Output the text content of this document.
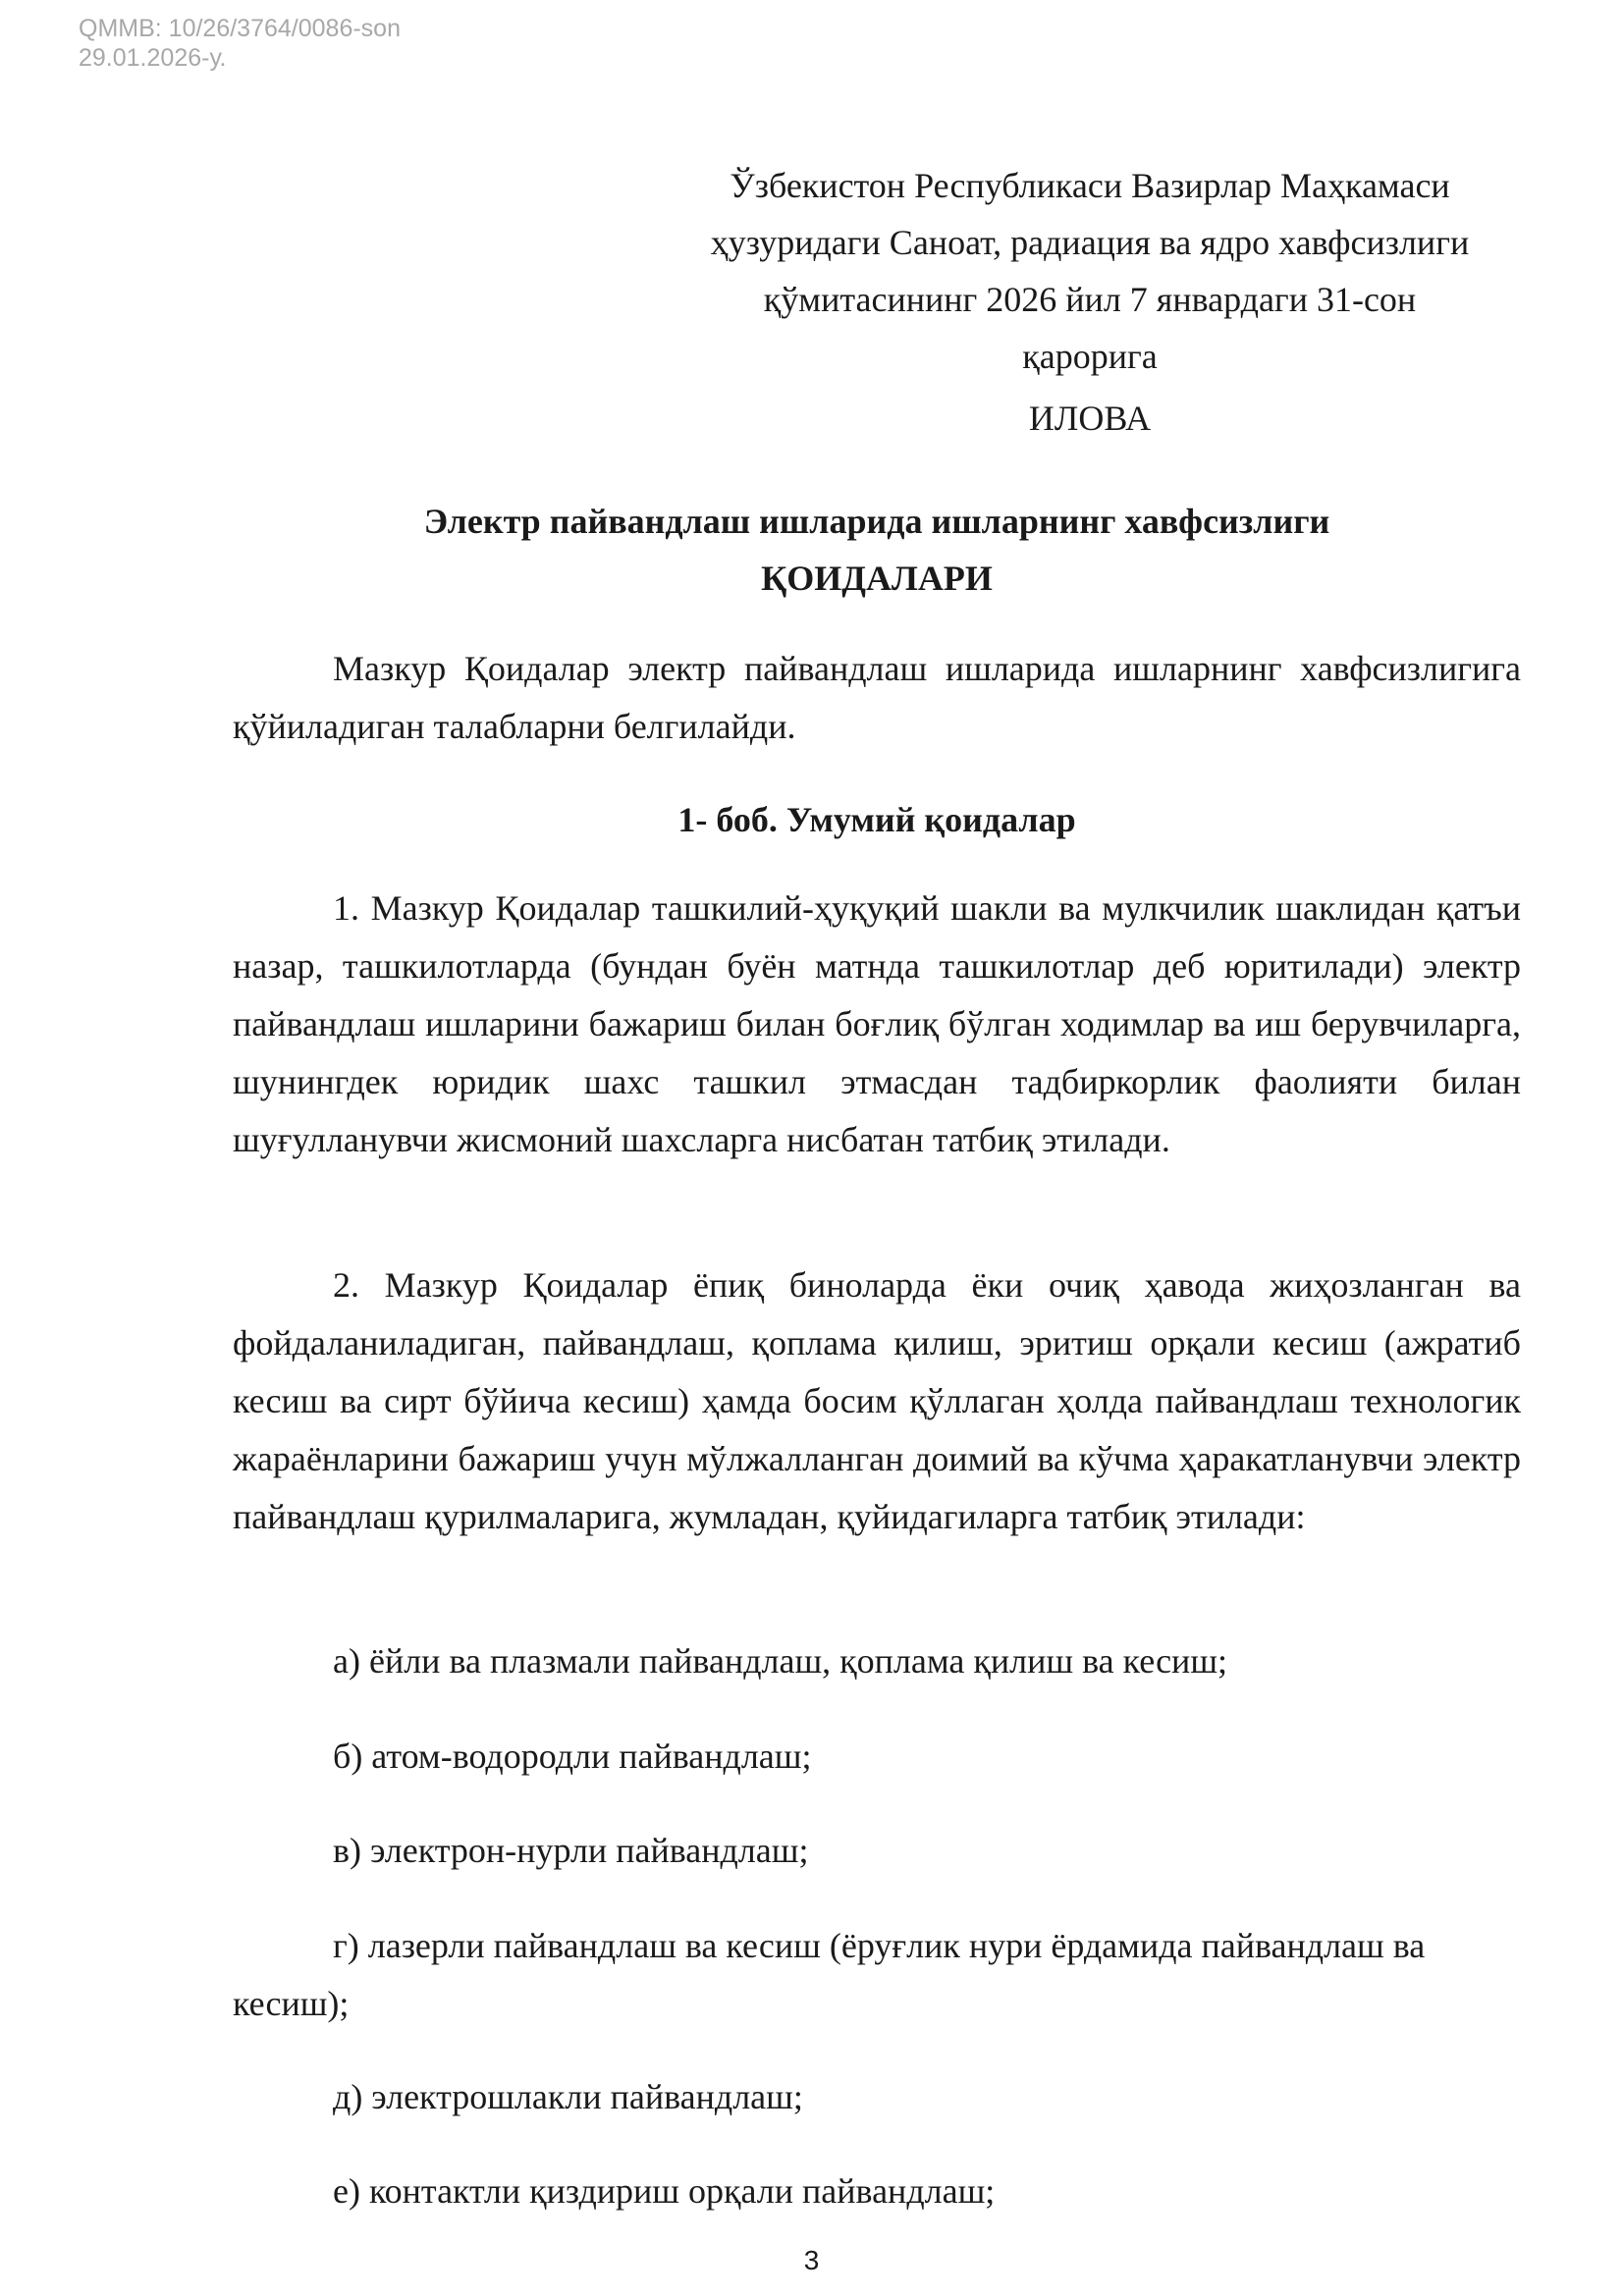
QMMB: 10/26/3764/0086-son
29.01.2026-у.
Ўзбекистон Республикаси Вазирлар Маҳкамаси
ҳузуридаги Саноат, радиация ва ядро хавфсизлиги
қўмитасининг 2026 йил 7 январдаги 31-сон
қарорига
ИЛОВА
Электр пайвандлаш ишларида ишларнинг хавфсизлиги
ҚОИДАЛАРИ

Мазкур Қоидалар электр пайвандлаш ишларида ишларнинг хавфсизлигига қўйиладиган талабларни белгилайди.

1- боб. Умумий қоидалар

1. Мазкур Қоидалар ташкилий-ҳуқуқий шакли ва мулкчилик шаклидан қатъи назар, ташкилотларда (бундан буён матнда ташкилотлар деб юритилади) электр пайвандлаш ишларини бажариш билан боғлиқ бўлган ходимлар ва иш берувчиларга, шунингдек юридик шахс ташкил этмасдан тадбиркорлик фаолияти билан шуғулланувчи жисмоний шахсларга нисбатан татбиқ этилади.

2. Мазкур Қоидалар ёпиқ биноларда ёки очиқ ҳавода жиҳозланган ва фойдаланиладиган, пайвандлаш, қоплама қилиш, эритиш орқали кесиш (ажратиб кесиш ва сирт бўйича кесиш) ҳамда босим қўллаган ҳолда пайвандлаш технологик жараёнларини бажариш учун мўлжалланган доимий ва кўчма ҳаракатланувчи электр пайвандлаш қурилмаларига, жумладан, қуйидагиларга татбиқ этилади:

а) ёйли ва плазмали пайвандлаш, қоплама қилиш ва кесиш;

б) атом-водородли пайвандлаш;

в) электрон-нурли пайвандлаш;

г) лазерли пайвандлаш ва кесиш (ёруғлик нури ёрдамида пайвандлаш ва кесиш);

д) электрошлакли пайвандлаш;

е) контактли қиздириш орқали пайвандлаш;

3
